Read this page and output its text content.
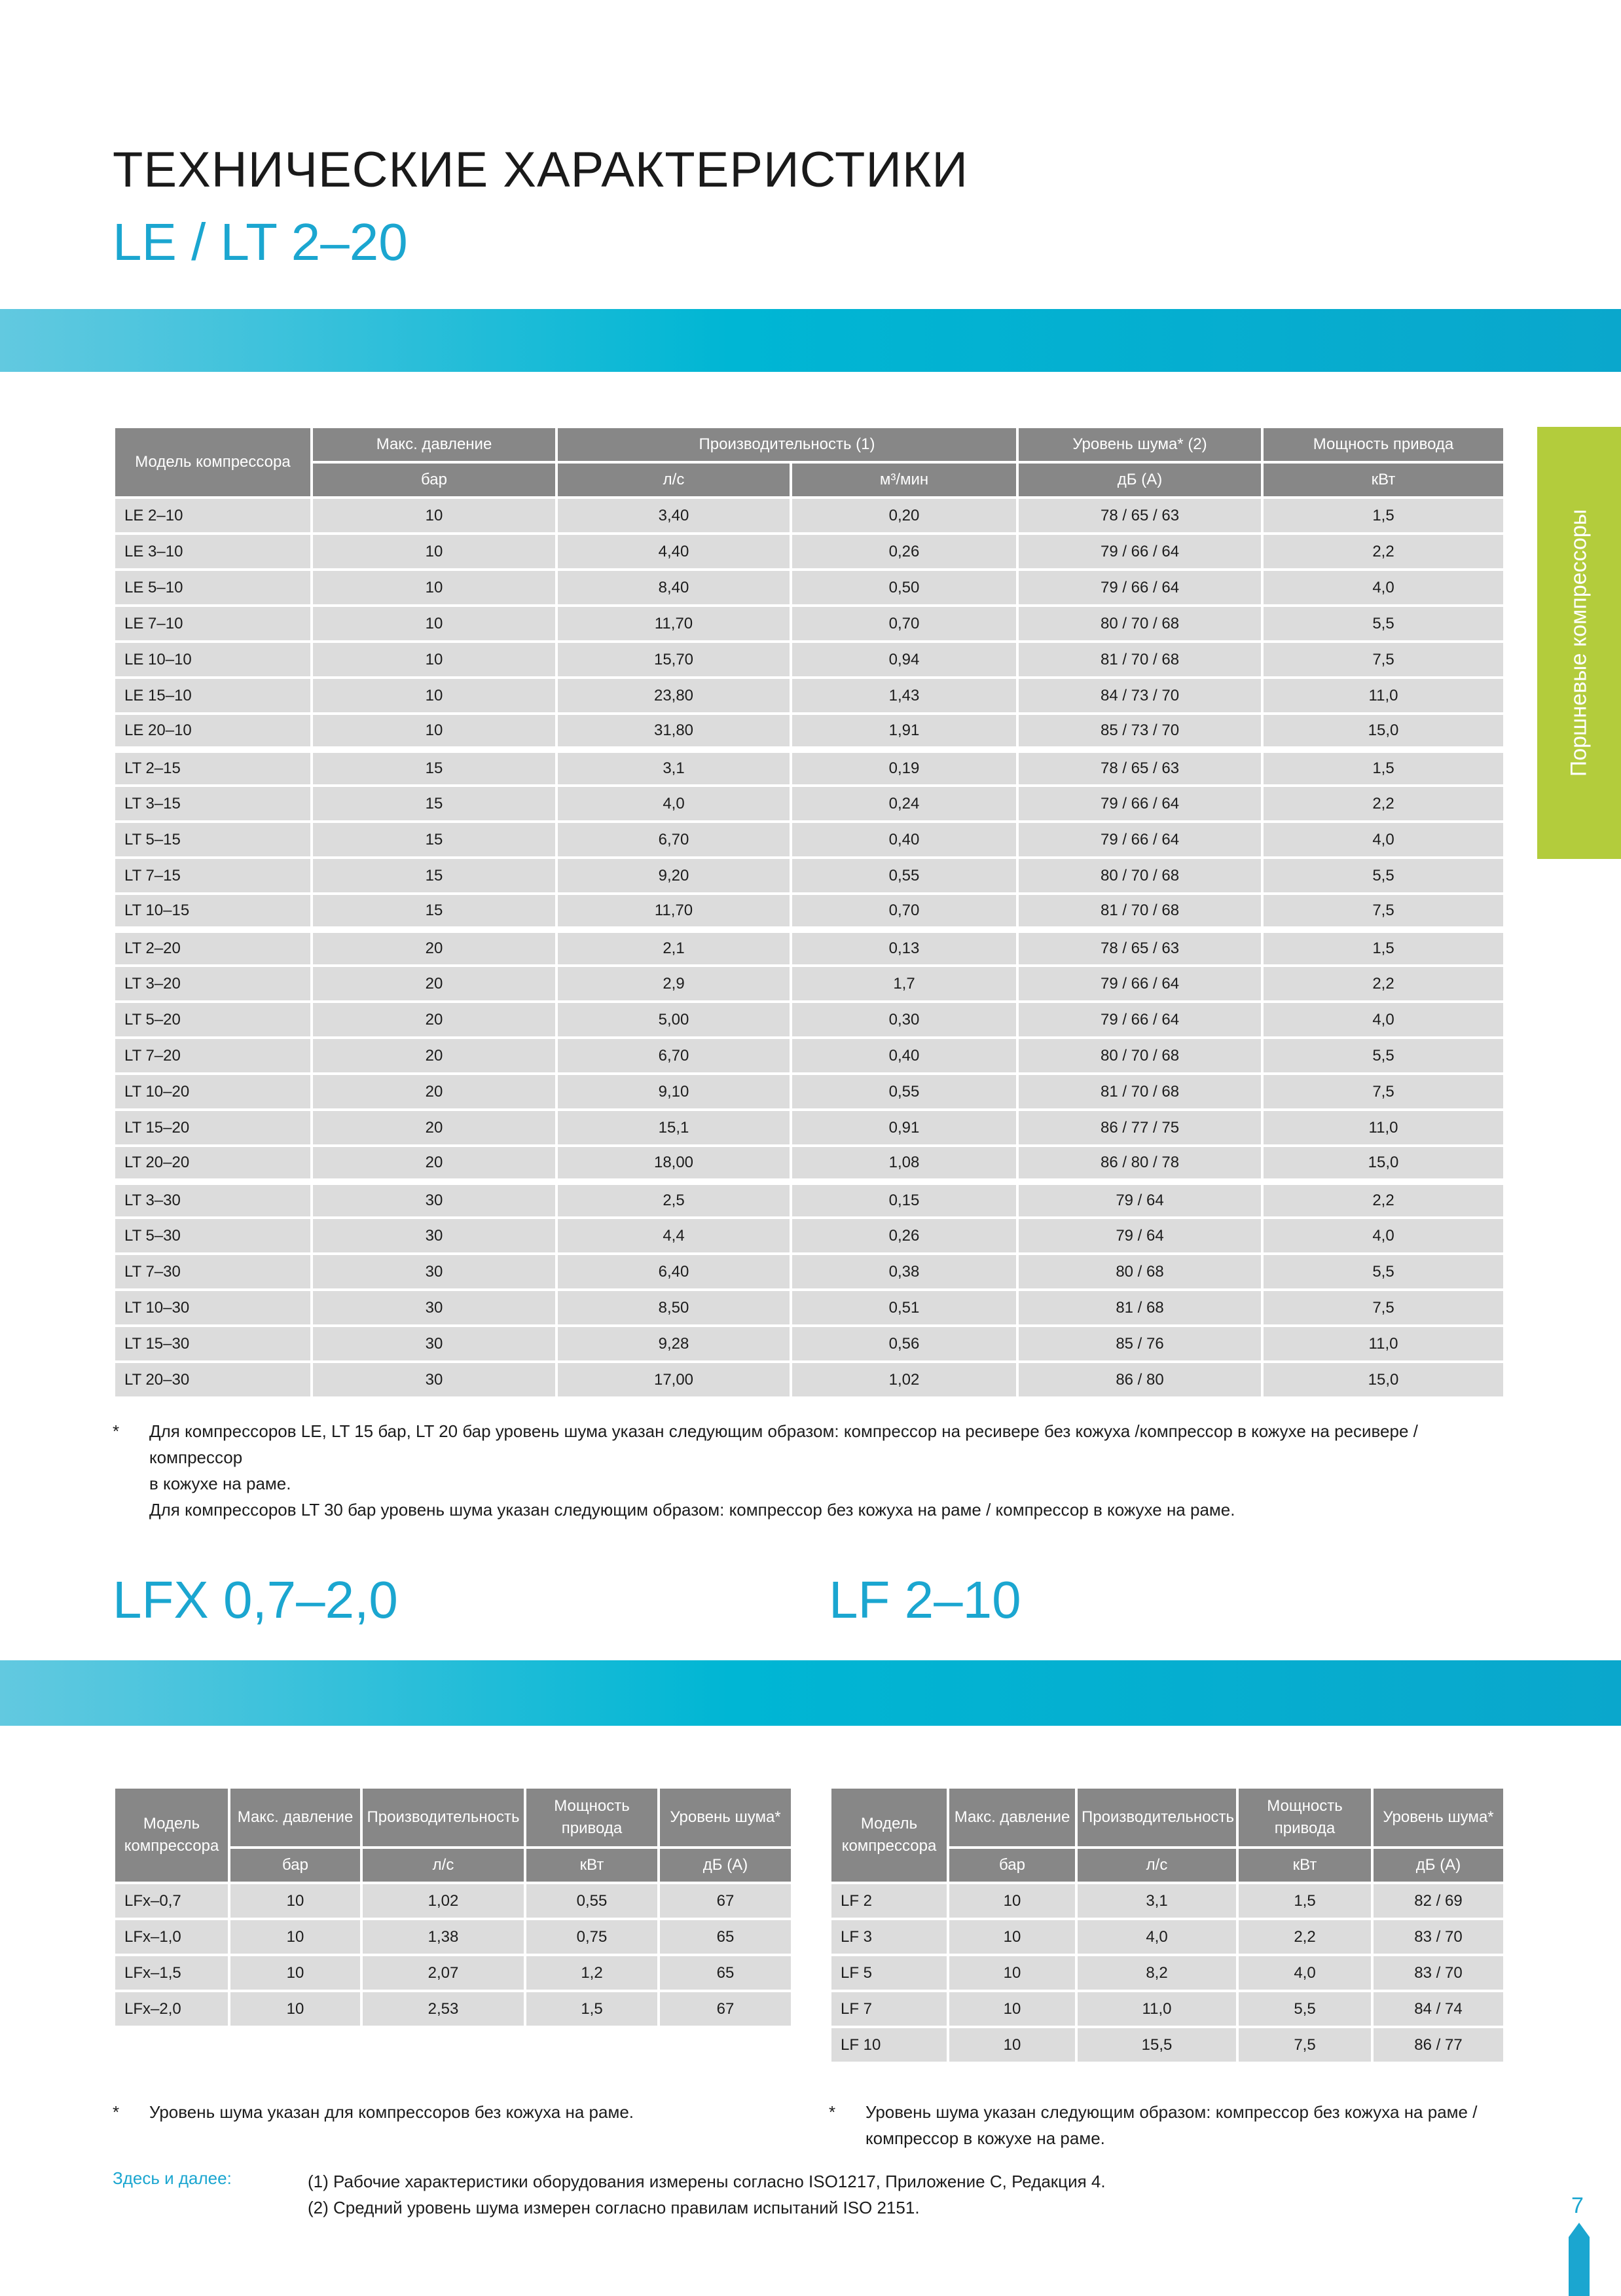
ТЕХНИЧЕСКИЕ ХАРАКТЕРИСТИКИ
LE / LT 2–20
Поршневые компрессоры
Модель компрессора	Макс. давление	Производительность (1)		Уровень шума* (2)	Мощность привода
	бар	л/с	м³/мин	дБ (А)	кВт
LE 2–10	10	3,40	0,20	78 / 65 / 63	1,5
LE 3–10	10	4,40	0,26	79 / 66 / 64	2,2
LE 5–10	10	8,40	0,50	79 / 66 / 64	4,0
LE 7–10	10	11,70	0,70	80 / 70 / 68	5,5
LE 10–10	10	15,70	0,94	81 / 70 / 68	7,5
LE 15–10	10	23,80	1,43	84 / 73 / 70	11,0
LE 20–10	10	31,80	1,91	85 / 73 / 70	15,0
LT 2–15	15	3,1	0,19	78 / 65 / 63	1,5
LT 3–15	15	4,0	0,24	79 / 66 / 64	2,2
LT 5–15	15	6,70	0,40	79 / 66 / 64	4,0
LT 7–15	15	9,20	0,55	80 / 70 / 68	5,5
LT 10–15	15	11,70	0,70	81 / 70 / 68	7,5
LT 2–20	20	2,1	0,13	78 / 65 / 63	1,5
LT 3–20	20	2,9	1,7	79 / 66 / 64	2,2
LT 5–20	20	5,00	0,30	79 / 66 / 64	4,0
LT 7–20	20	6,70	0,40	80 / 70 / 68	5,5
LT 10–20	20	9,10	0,55	81 / 70 / 68	7,5
LT 15–20	20	15,1	0,91	86 / 77 / 75	11,0
LT 20–20	20	18,00	1,08	86 / 80 / 78	15,0
LT 3–30	30	2,5	0,15	79 / 64	2,2
LT 5–30	30	4,4	0,26	79 / 64	4,0
LT 7–30	30	6,40	0,38	80 / 68	5,5
LT 10–30	30	8,50	0,51	81 / 68	7,5
LT 15–30	30	9,28	0,56	85 / 76	11,0
LT 20–30	30	17,00	1,02	86 / 80	15,0
* Для компрессоров LE, LT 15 бар, LT 20 бар уровень шума указан следующим образом: компрессор на ресивере без кожуха /компрессор в кожухе на ресивере / компрессор
в кожухе на раме.
Для компрессоров LT 30 бар уровень шума указан следующим образом: компрессор без кожуха на раме / компрессор в кожухе на раме.
LFX 0,7–2,0	LF 2–10
Модель компрессора	Макс. давление	Производительность	Мощность привода	Уровень шума*
	бар	л/с	кВт	дБ (А)
LFx–0,7	10	1,02	0,55	67
LFx–1,0	10	1,38	0,75	65
LFx–1,5	10	2,07	1,2	65
LFx–2,0	10	2,53	1,5	67
* Уровень шума указан для компрессоров без кожуха на раме.
Модель компрессора	Макс. давление	Производительность	Мощность привода	Уровень шума*
	бар	л/с	кВт	дБ (А)
LF 2	10	3,1	1,5	82 / 69
LF 3	10	4,0	2,2	83 / 70
LF 5	10	8,2	4,0	83 / 70
LF 7	10	11,0	5,5	84 / 74
LF 10	10	15,5	7,5	86 / 77
* Уровень шума указан следующим образом: компрессор без кожуха на раме /
компрессор в кожухе на раме.
Здесь и далее:	(1) Рабочие характеристики оборудования измерены согласно ISO1217, Приложение С, Редакция 4.
(2) Средний уровень шума измерен согласно правилам испытаний ISO 2151.	7
